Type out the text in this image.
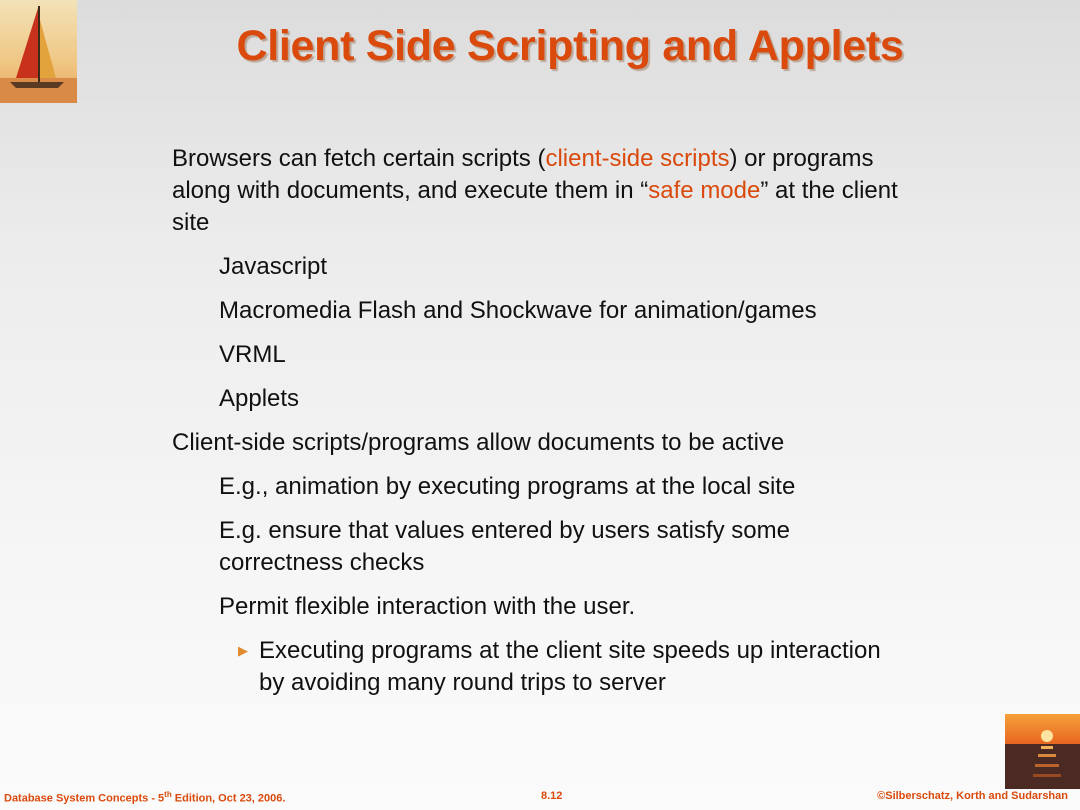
Client Side Scripting and Applets
Browsers can fetch certain scripts (client-side scripts) or programs along with documents, and execute them in “safe mode” at the client site
Javascript
Macromedia Flash and Shockwave for animation/games
VRML
Applets
Client-side scripts/programs allow documents to be active
E.g., animation by executing programs at the local site
E.g. ensure that values entered by users satisfy some correctness checks
Permit flexible interaction with the user.
▶ Executing programs at the client site speeds up interaction by avoiding many round trips to server
Database System Concepts - 5th Edition, Oct 23, 2006.	8.12	©Silberschatz, Korth and Sudarshan
